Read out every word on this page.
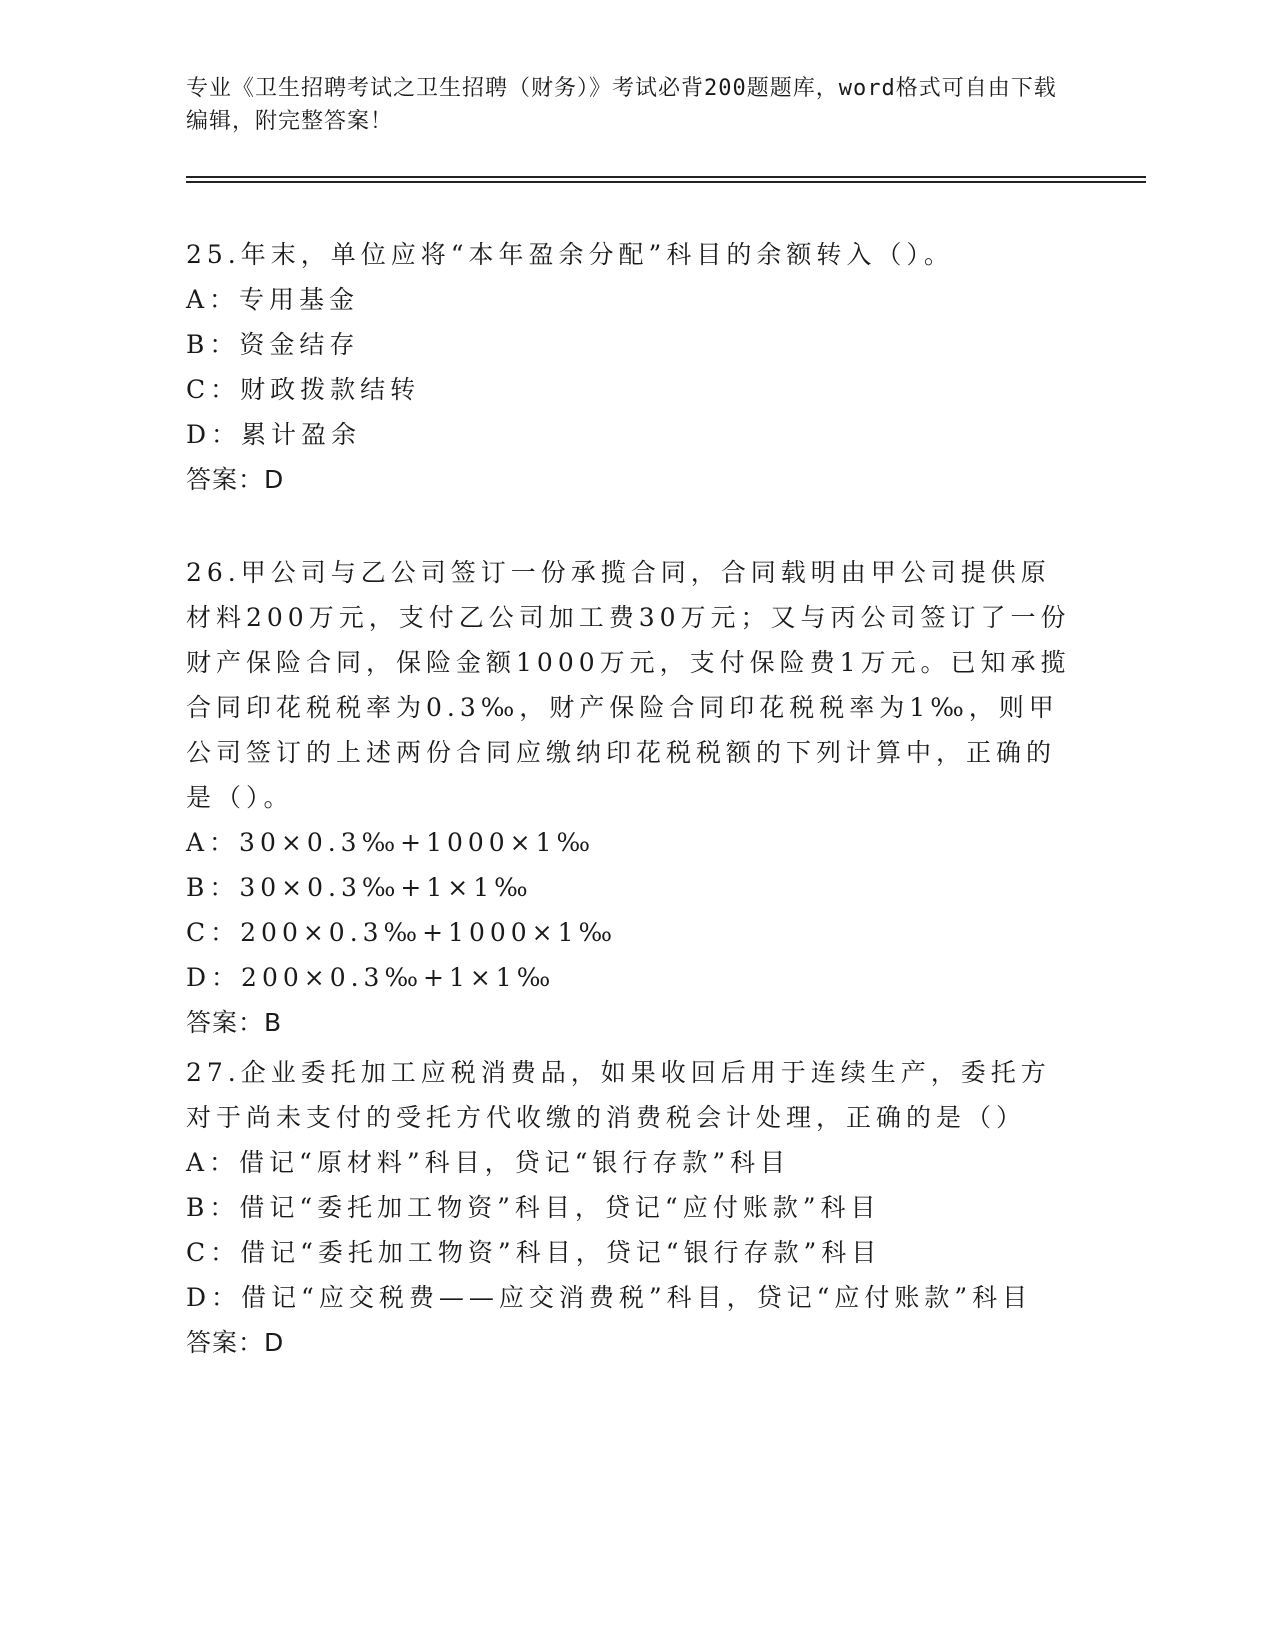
专业《卫生招聘考试之卫生招聘（财务）》考试必背200题题库，word格式可自由下载编辑，附完整答案！

25.年末，单位应将“本年盈余分配”科目的余额转入（）。

A：专用基金

B：资金结存

C：财政拨款结转

D：累计盈余

答案：D

26.甲公司与乙公司签订一份承揽合同，合同载明由甲公司提供原材料200万元，支付乙公司加工费30万元；又与丙公司签订了一份财产保险合同，保险金额1000万元，支付保险费1万元。已知承揽合同印花税税率为0.3‰，财产保险合同印花税税率为1‰，则甲公司签订的上述两份合同应缴纳印花税税额的下列计算中，正确的是（）。

A：30×0.3‰+1000×1‰

B：30×0.3‰+1×1‰

C：200×0.3‰+1000×1‰

D：200×0.3‰+1×1‰

答案：B

27.企业委托加工应税消费品，如果收回后用于连续生产，委托方对于尚未支付的受托方代收缴的消费税会计处理，正确的是（）

A：借记“原材料”科目，贷记“银行存款”科目

B：借记“委托加工物资”科目，贷记“应付账款”科目

C：借记“委托加工物资”科目，贷记“银行存款”科目

D：借记“应交税费——应交消费税”科目，贷记“应付账款”科目

答案：D
